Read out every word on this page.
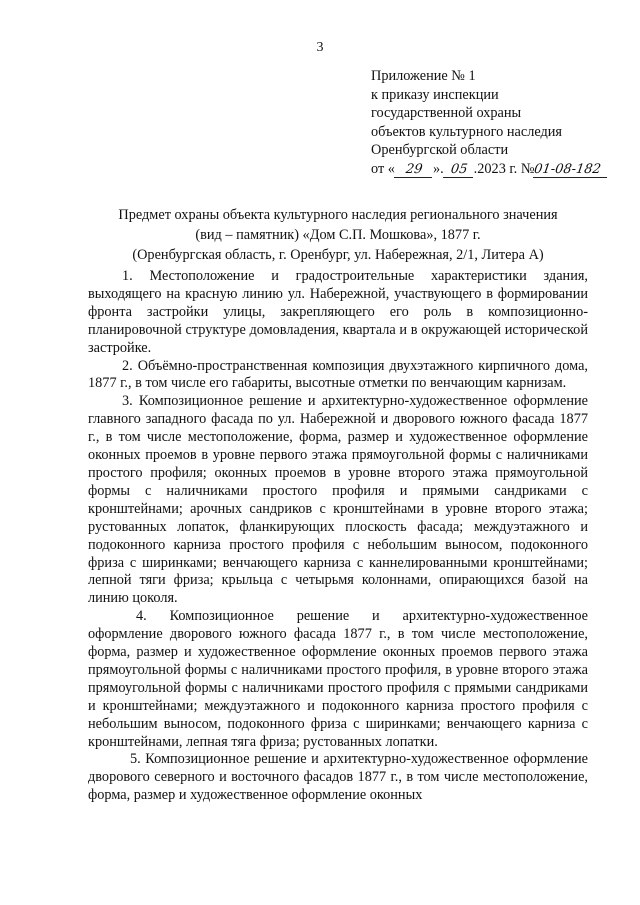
3
Приложение № 1
к приказу инспекции
государственной охраны
объектов культурного наследия
Оренбургской области
от « 29 ». 05 .2023 г. №01-08-182
Предмет охраны объекта культурного наследия регионального значения
(вид – памятник) «Дом С.П. Мошкова», 1877 г.
(Оренбургская область, г. Оренбург, ул. Набережная, 2/1, Литера А)

1. Местоположение и градостроительные характеристики здания, выходящего на красную линию ул. Набережной, участвующего в формировании фронта застройки улицы, закрепляющего его роль в композиционно-планировочной структуре домовладения, квартала и в окружающей исторической застройке.

2. Объёмно-пространственная композиция двухэтажного кирпичного дома, 1877 г., в том числе его габариты, высотные отметки по венчающим карнизам.

3. Композиционное решение и архитектурно-художественное оформление главного западного фасада по ул. Набережной и дворового южного фасада 1877 г., в том числе местоположение, форма, размер и художественное оформление оконных проемов в уровне первого этажа прямоугольной формы с наличниками простого профиля; оконных проемов в уровне второго этажа прямоугольной формы с наличниками простого профиля и прямыми сандриками с кронштейнами; арочных сандриков с кронштейнами в уровне второго этажа; рустованных лопаток, фланкирующих плоскость фасада; междуэтажного и подоконного карниза простого профиля с небольшим выносом, подоконного фриза с ширинками; венчающего карниза с каннелированными кронштейнами; лепной тяги фриза; крыльца с четырьмя колоннами, опирающихся базой на линию цоколя.

4. Композиционное решение и архитектурно-художественное оформление дворового южного фасада 1877 г., в том числе местоположение, форма, размер и художественное оформление оконных проемов первого этажа прямоугольной формы с наличниками простого профиля, в уровне второго этажа прямоугольной формы с наличниками простого профиля с прямыми сандриками и кронштейнами; междуэтажного и подоконного карниза простого профиля с небольшим выносом, подоконного фриза с ширинками; венчающего карниза с кронштейнами, лепная тяга фриза; рустованных лопатки.

5. Композиционное решение и архитектурно-художественное оформление дворового северного и восточного фасадов 1877 г., в том числе местоположение, форма, размер и художественное оформление оконных
